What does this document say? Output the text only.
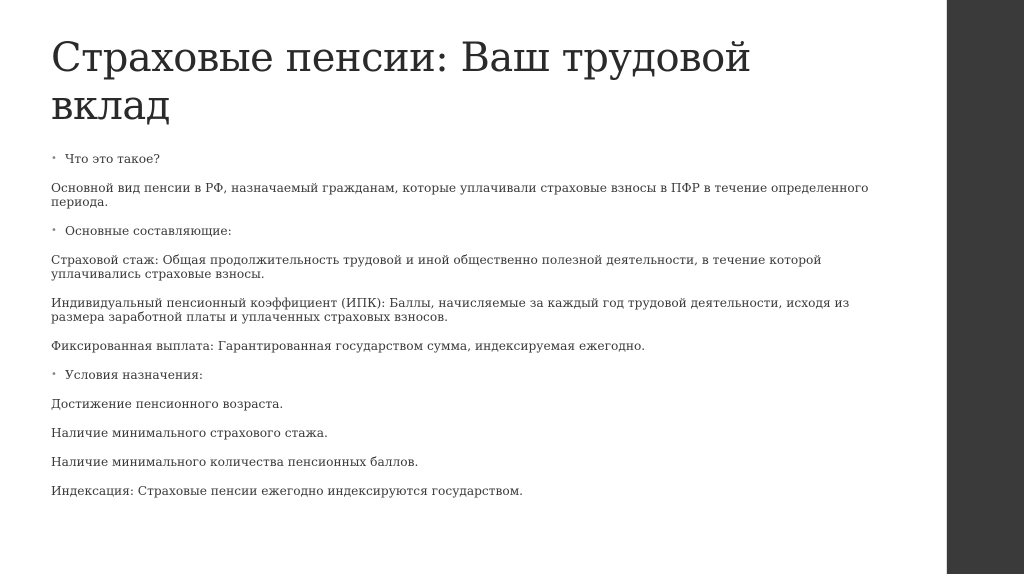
Страховые пенсии: Ваш трудовой вклад

• Что это такое?

Основной вид пенсии в РФ, назначаемый гражданам, которые уплачивали страховые взносы в ПФР в течение определенного периода.

• Основные составляющие:

Страховой стаж: Общая продолжительность трудовой и иной общественно полезной деятельности, в течение которой уплачивались страховые взносы.

Индивидуальный пенсионный коэффициент (ИПК): Баллы, начисляемые за каждый год трудовой деятельности, исходя из размера заработной платы и уплаченных страховых взносов.

Фиксированная выплата: Гарантированная государством сумма, индексируемая ежегодно.

• Условия назначения:

Достижение пенсионного возраста.

Наличие минимального страхового стажа.

Наличие минимального количества пенсионных баллов.

Индексация: Страховые пенсии ежегодно индексируются государством.
